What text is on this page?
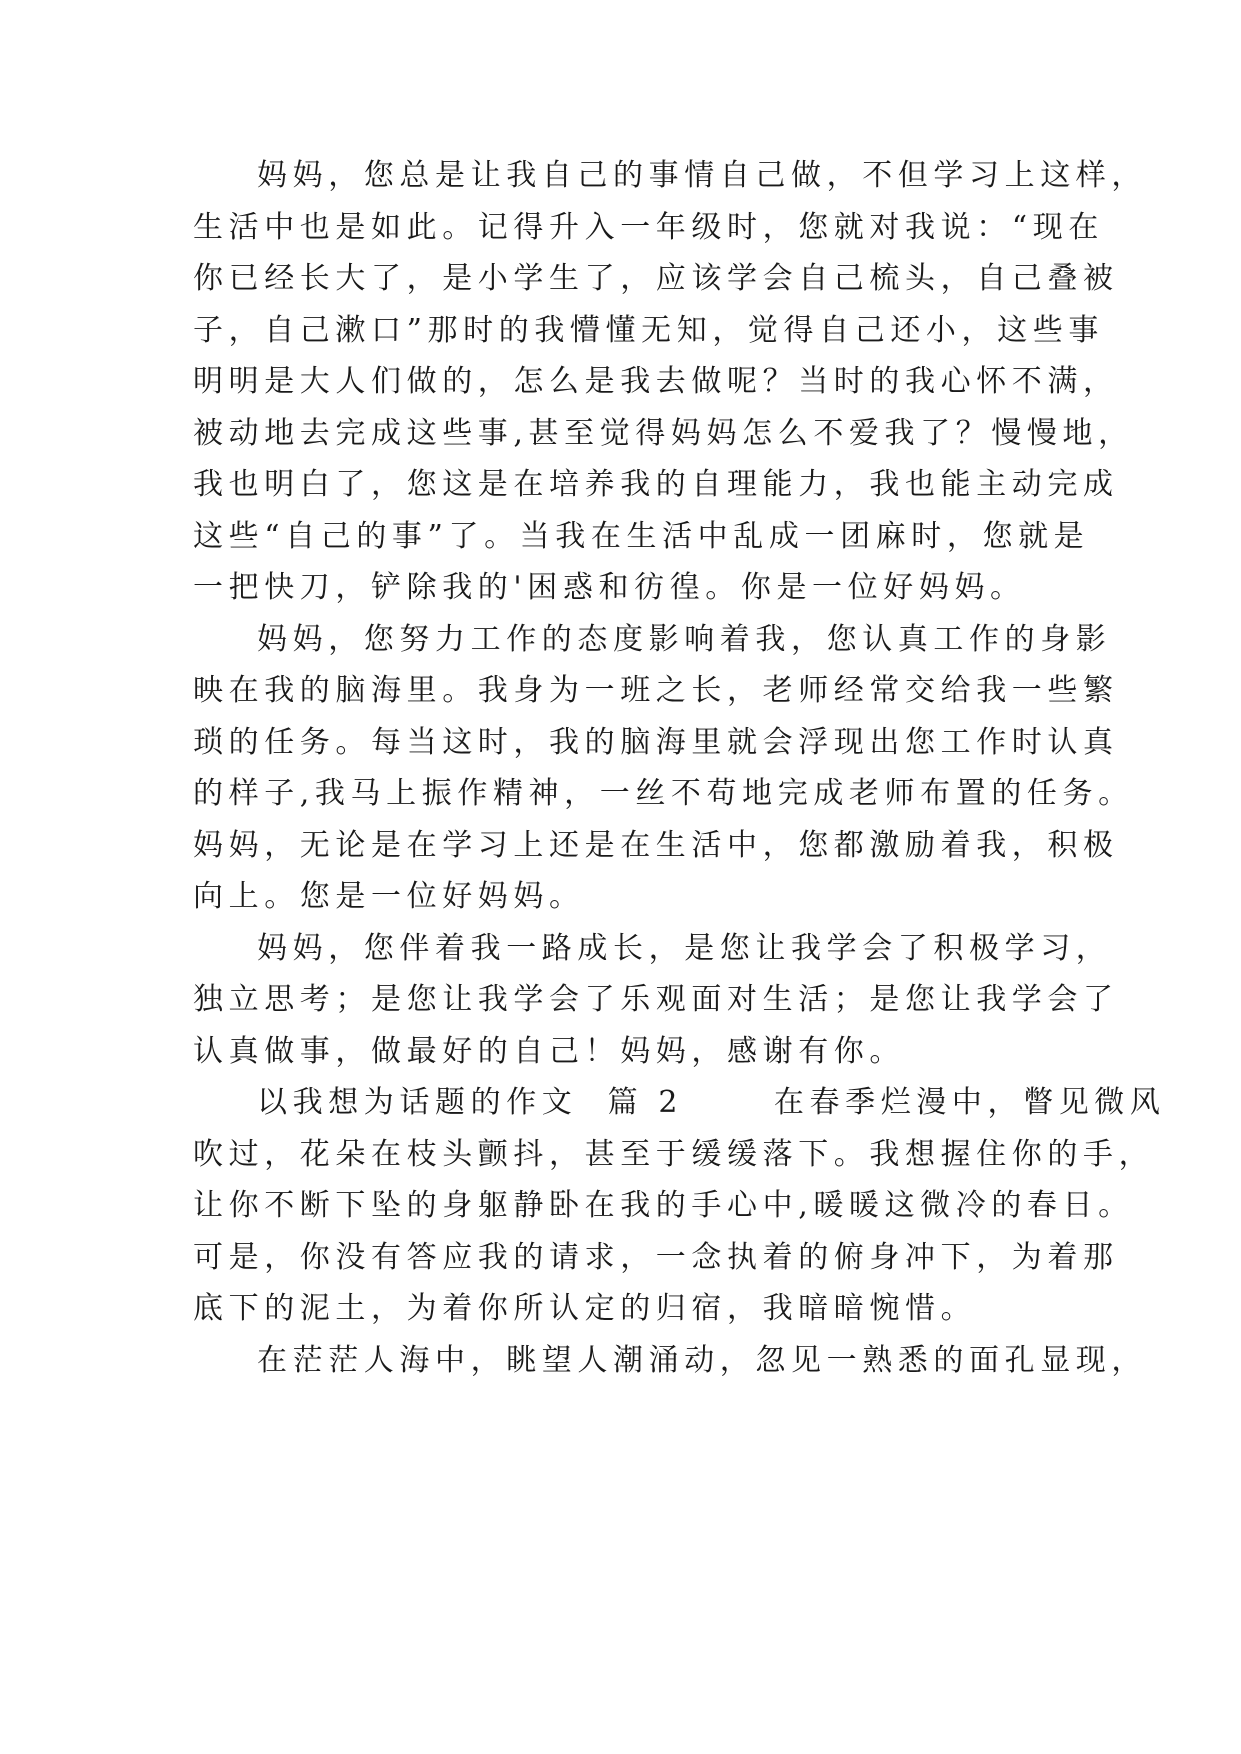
妈妈，您总是让我自己的事情自己做，不但学习上这样，
生活中也是如此。记得升入一年级时，您就对我说：“现在
你已经长大了，是小学生了，应该学会自己梳头，自己叠被
子，自己漱口”那时的我懵懂无知，觉得自己还小，这些事
明明是大人们做的，怎么是我去做呢？当时的我心怀不满，
被动地去完成这些事,甚至觉得妈妈怎么不爱我了？慢慢地，
我也明白了，您这是在培养我的自理能力，我也能主动完成
这些“自己的事”了。当我在生活中乱成一团麻时，您就是
一把快刀，铲除我的'困惑和彷徨。你是一位好妈妈。
妈妈，您努力工作的态度影响着我，您认真工作的身影
映在我的脑海里。我身为一班之长，老师经常交给我一些繁
琐的任务。每当这时，我的脑海里就会浮现出您工作时认真
的样子,我马上振作精神，一丝不苟地完成老师布置的任务。
妈妈，无论是在学习上还是在生活中，您都激励着我，积极
向上。您是一位好妈妈。
妈妈，您伴着我一路成长，是您让我学会了积极学习，
独立思考；是您让我学会了乐观面对生活；是您让我学会了
认真做事，做最好的自己！妈妈，感谢有你。
以我想为话题的作文  篇 2      在春季烂漫中，瞥见微风
吹过，花朵在枝头颤抖，甚至于缓缓落下。我想握住你的手，
让你不断下坠的身躯静卧在我的手心中,暖暖这微冷的春日。
可是，你没有答应我的请求，一念执着的俯身冲下，为着那
底下的泥土，为着你所认定的归宿，我暗暗惋惜。
在茫茫人海中，眺望人潮涌动，忽见一熟悉的面孔显现，
